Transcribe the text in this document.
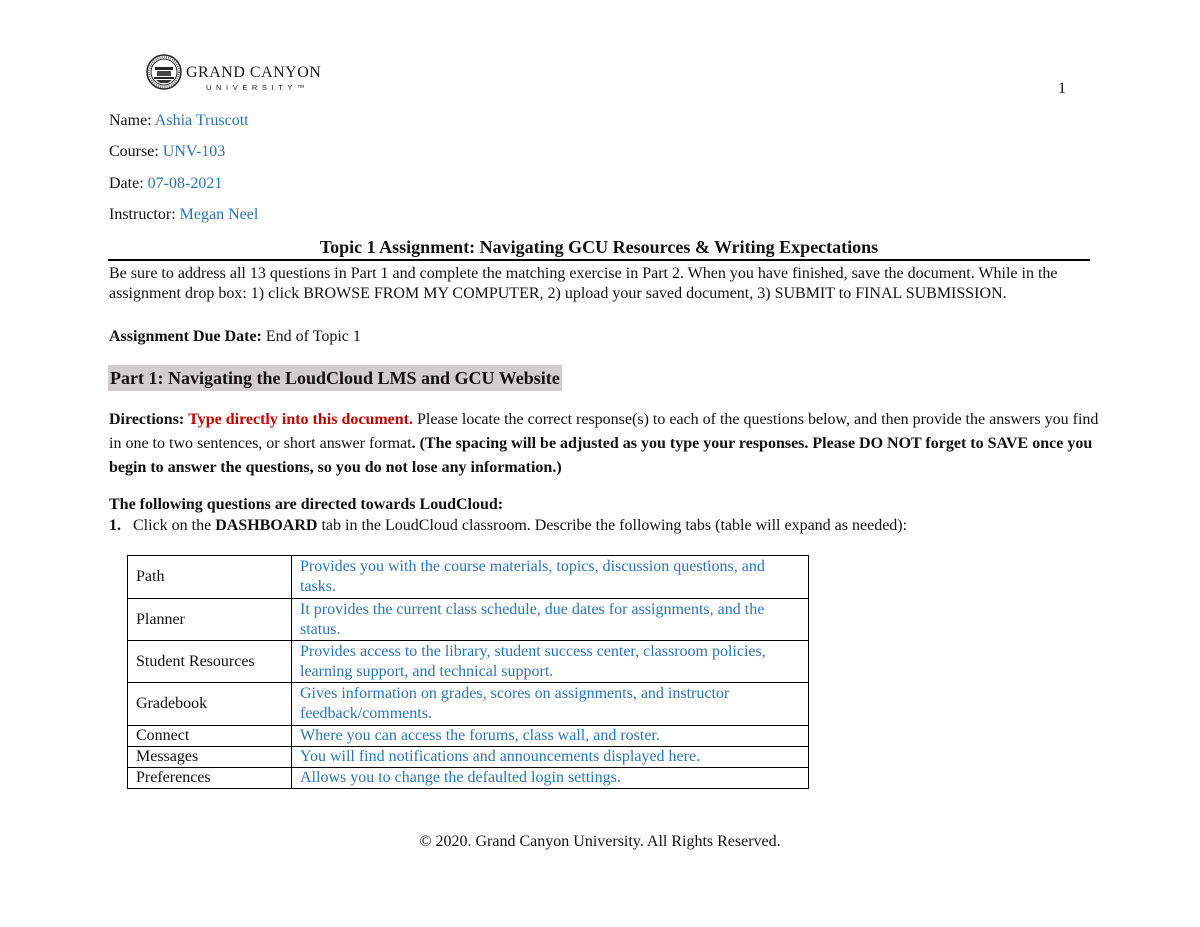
GRAND CANYON
UNIVERSITY™	1
Name: Ashia Truscott
Course: UNV-103
Date: 07-08-2021
Instructor: Megan Neel
Topic 1 Assignment: Navigating GCU Resources & Writing Expectations
Be sure to address all 13 questions in Part 1 and complete the matching exercise in Part 2. When you have finished, save the document. While in the assignment drop box: 1) click BROWSE FROM MY COMPUTER, 2) upload your saved document, 3) SUBMIT to FINAL SUBMISSION.
Assignment Due Date: End of Topic 1
Part 1: Navigating the LoudCloud LMS and GCU Website
Directions: Type directly into this document. Please locate the correct response(s) to each of the questions below, and then provide the answers you find in one to two sentences, or short answer format. (The spacing will be adjusted as you type your responses. Please DO NOT forget to SAVE once you begin to answer the questions, so you do not lose any information.)
The following questions are directed towards LoudCloud:
1. Click on the DASHBOARD tab in the LoudCloud classroom. Describe the following tabs (table will expand as needed):
Path	Provides you with the course materials, topics, discussion questions, and tasks.
Planner	It provides the current class schedule, due dates for assignments, and the status.
Student Resources	Provides access to the library, student success center, classroom policies, learning support, and technical support.
Gradebook	Gives information on grades, scores on assignments, and instructor feedback/comments.
Connect	Where you can access the forums, class wall, and roster.
Messages	You will find notifications and announcements displayed here.
Preferences	Allows you to change the defaulted login settings.
© 2020. Grand Canyon University. All Rights Reserved.
